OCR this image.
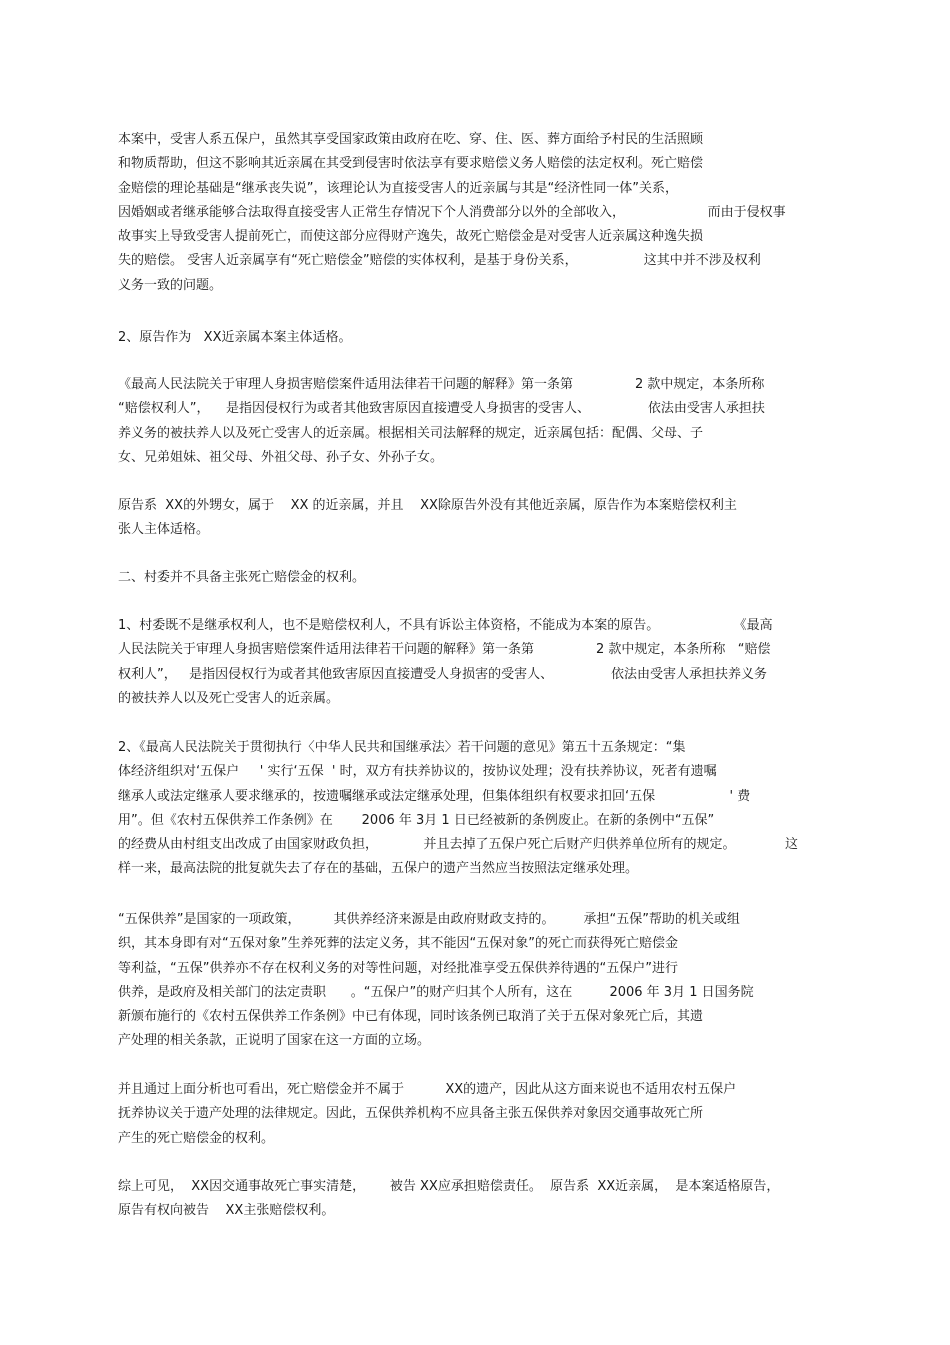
本案中，受害人系五保户，虽然其享受国家政策由政府在吃、穿、住、医、葬方面给予村民的生活照顾
和物质帮助，但这不影响其近亲属在其受到侵害时依法享有要求赔偿义务人赔偿的法定权利。死亡赔偿
金赔偿的理论基础是“继承丧失说”，该理论认为直接受害人的近亲属与其是“经济性同一体”关系，
因婚姻或者继承能够合法取得直接受害人正常生存情况下个人消费部分以外的全部收入，                    而由于侵权事
故事实上导致受害人提前死亡，而使这部分应得财产逸失，故死亡赔偿金是对受害人近亲属这种逸失损
失的赔偿。 受害人近亲属享有“死亡赔偿金”赔偿的实体权利，是基于身份关系，                这其中并不涉及权利
义务一致的问题。
2、原告作为   XX近亲属本案主体适格。
《最高人民法院关于审理人身损害赔偿案件适用法律若干问题的解释》第一条第               2 款中规定，本条所称
“赔偿权利人”，    是指因侵权行为或者其他致害原因直接遭受人身损害的受害人、              依法由受害人承担扶
养义务的被扶养人以及死亡受害人的近亲属。根据相关司法解释的规定，近亲属包括：配偶、父母、子
女、兄弟姐妹、祖父母、外祖父母、孙子女、外孙子女。
原告系  XX的外甥女，属于    XX 的近亲属，并且    XX除原告外没有其他近亲属，原告作为本案赔偿权利主
张人主体适格。
二、村委并不具备主张死亡赔偿金的权利。
1、村委既不是继承权利人，也不是赔偿权利人，不具有诉讼主体资格，不能成为本案的原告。                  《最高
人民法院关于审理人身损害赔偿案件适用法律若干问题的解释》第一条第               2 款中规定，本条所称   “赔偿
权利人”，   是指因侵权行为或者其他致害原因直接遭受人身损害的受害人、              依法由受害人承担扶养义务
的被扶养人以及死亡受害人的近亲属。
2、《最高人民法院关于贯彻执行〈中华人民共和国继承法〉若干问题的意见》第五十五条规定：“集
体经济组织对‘五保户     ' 实行‘五保  ' 时，双方有扶养协议的，按协议处理；没有扶养协议，死者有遗嘱
继承人或法定继承人要求继承的，按遗嘱继承或法定继承处理，但集体组织有权要求扣回‘五保                  ' 费
用”。但《农村五保供养工作条例》在       2006 年 3月 1 日已经被新的条例废止。在新的条例中“五保”
的经费从由村组支出改成了由国家财政负担，           并且去掉了五保户死亡后财产归供养单位所有的规定。            这
样一来，最高法院的批复就失去了存在的基础，五保户的遗产当然应当按照法定继承处理。
“五保供养”是国家的一项政策，        其供养经济来源是由政府财政支持的。       承担“五保”帮助的机关或组
织，其本身即有对“五保对象”生养死葬的法定义务，其不能因“五保对象”的死亡而获得死亡赔偿金
等利益，“五保”供养亦不存在权利义务的对等性问题，对经批准享受五保供养待遇的“五保户”进行
供养，是政府及相关部门的法定责职      。“五保户”的财产归其个人所有，这在         2006 年 3月 1 日国务院
新颁布施行的《农村五保供养工作条例》中已有体现，同时该条例已取消了关于五保对象死亡后，其遗
产处理的相关条款，正说明了国家在这一方面的立场。
并且通过上面分析也可看出，死亡赔偿金并不属于          XX的遗产，因此从这方面来说也不适用农村五保户
抚养协议关于遗产处理的法律规定。因此，五保供养机构不应具备主张五保供养对象因交通事故死亡所
产生的死亡赔偿金的权利。
综上可见，  XX因交通事故死亡事实清楚，      被告 XX应承担赔偿责任。  原告系  XX近亲属，  是本案适格原告，
原告有权向被告    XX主张赔偿权利。
